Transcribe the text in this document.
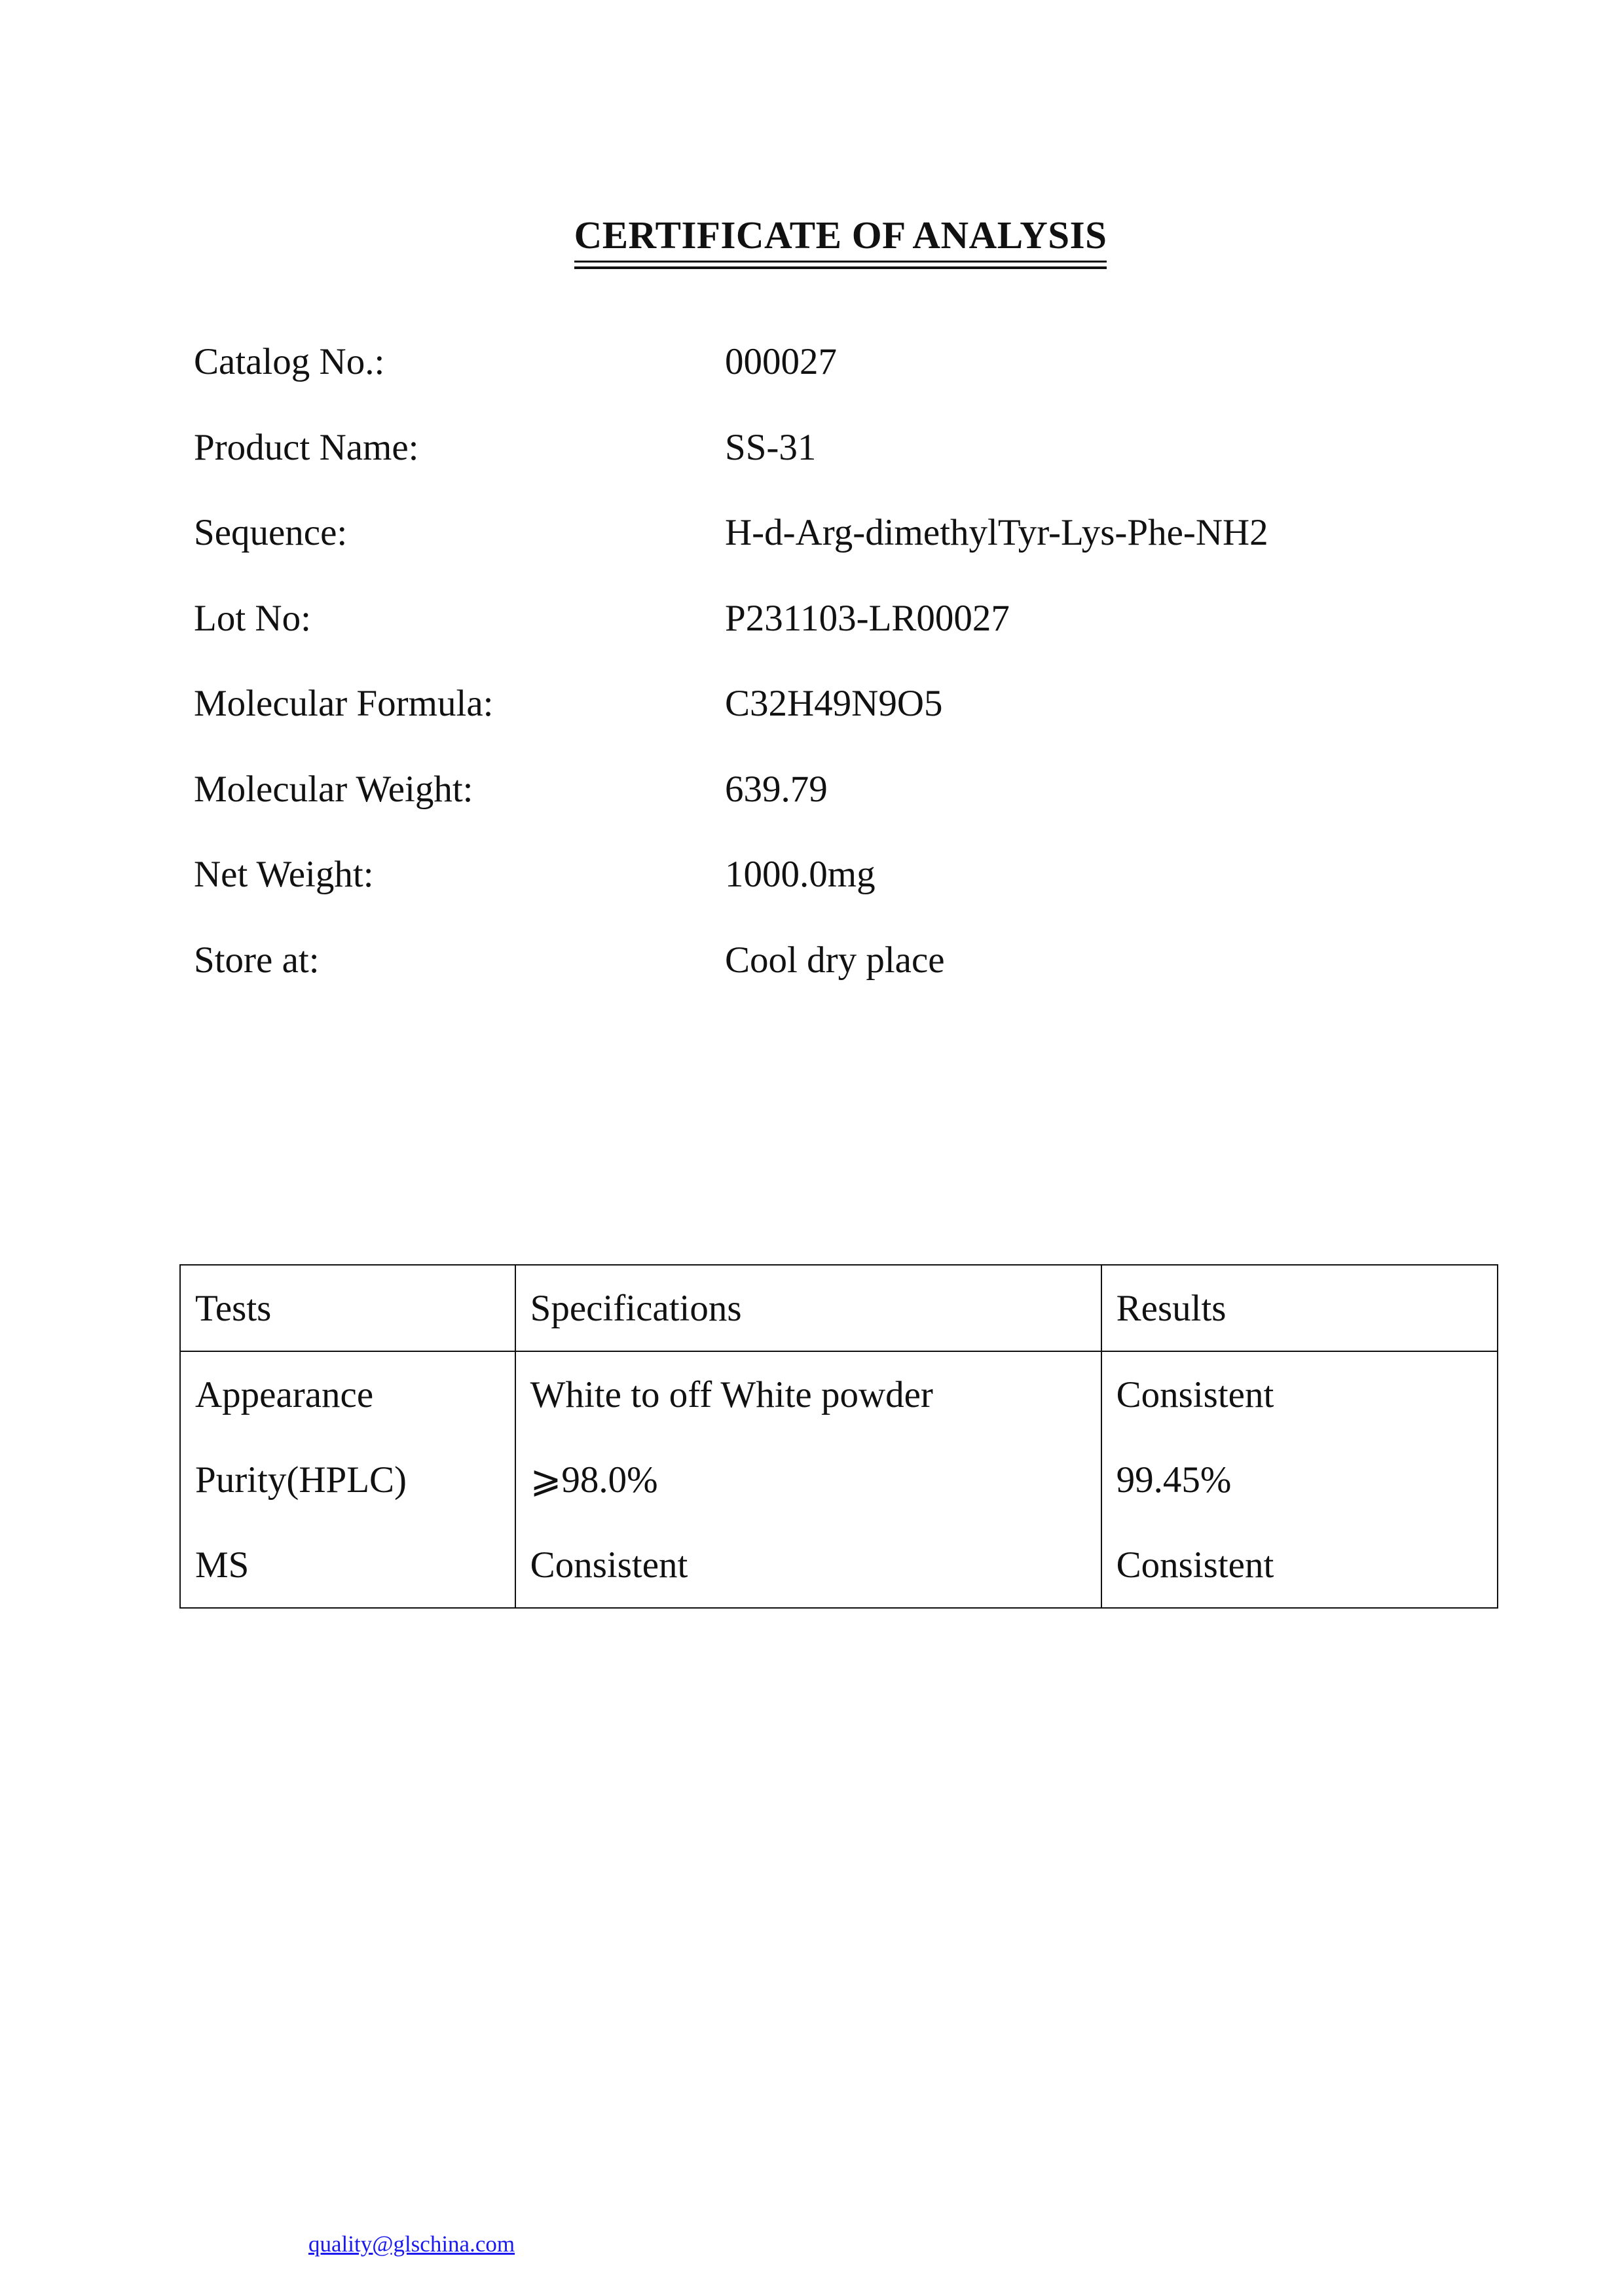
CERTIFICATE OF ANALYSIS
Catalog No.:	000027
Product Name:	SS-31
Sequence:	H-d-Arg-dimethylTyr-Lys-Phe-NH2
Lot No:	P231103-LR00027
Molecular Formula:	C32H49N9O5
Molecular Weight:	639.79
Net Weight:	1000.0mg
Store at:	Cool dry place
Tests	Specifications	Results
Appearance	White to off White powder	Consistent
Purity(HPLC)	⩾98.0%	99.45%
MS	Consistent	Consistent
quality@glschina.com
